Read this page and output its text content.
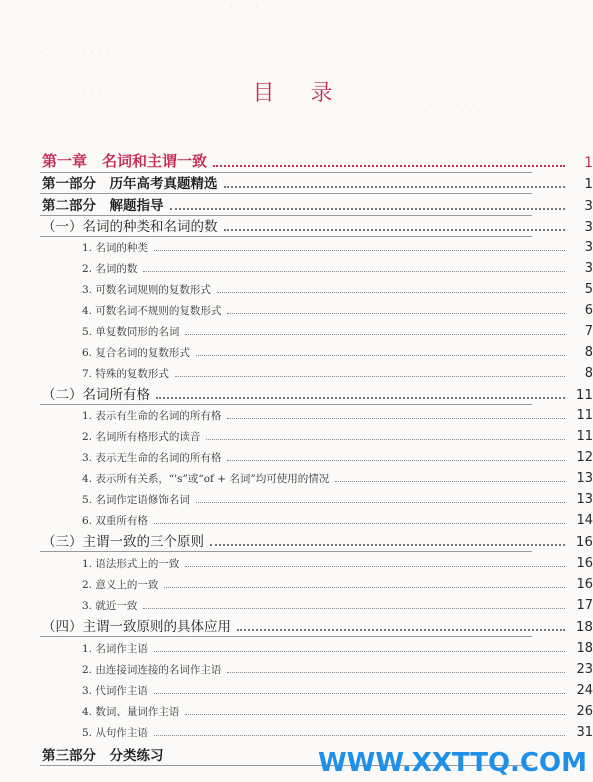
· · · ·
· · · · · · · · · ·
· · · · · · · ·
· · · · · ·
目 录
第一章　名词和主谓一致	1
第一部分　历年高考真题精选	1
第二部分　解题指导	3
（一）名词的种类和名词的数	3
1. 名词的种类	3
2. 名词的数	3
3. 可数名词规则的复数形式	5
4. 可数名词不规则的复数形式	6
5. 单复数同形的名词	7
6. 复合名词的复数形式	8
7. 特殊的复数形式	8
（二）名词所有格	11
1. 表示有生命的名词的所有格	11
2. 名词所有格形式的读音	11
3. 表示无生命的名词的所有格	12
4. 表示所有关系，“'s”或“of + 名词”均可使用的情况	13
5. 名词作定语修饰名词	13
6. 双重所有格	14
（三）主谓一致的三个原则	16
1. 语法形式上的一致	16
2. 意义上的一致	16
3. 就近一致	17
（四）主谓一致原则的具体应用	18
1. 名词作主语	18
2. 由连接词连接的名词作主语	23
3. 代词作主语	24
4. 数词、量词作主语	26
5. 从句作主语	31
第三部分　分类练习	WWW.XXTTQ.COM
